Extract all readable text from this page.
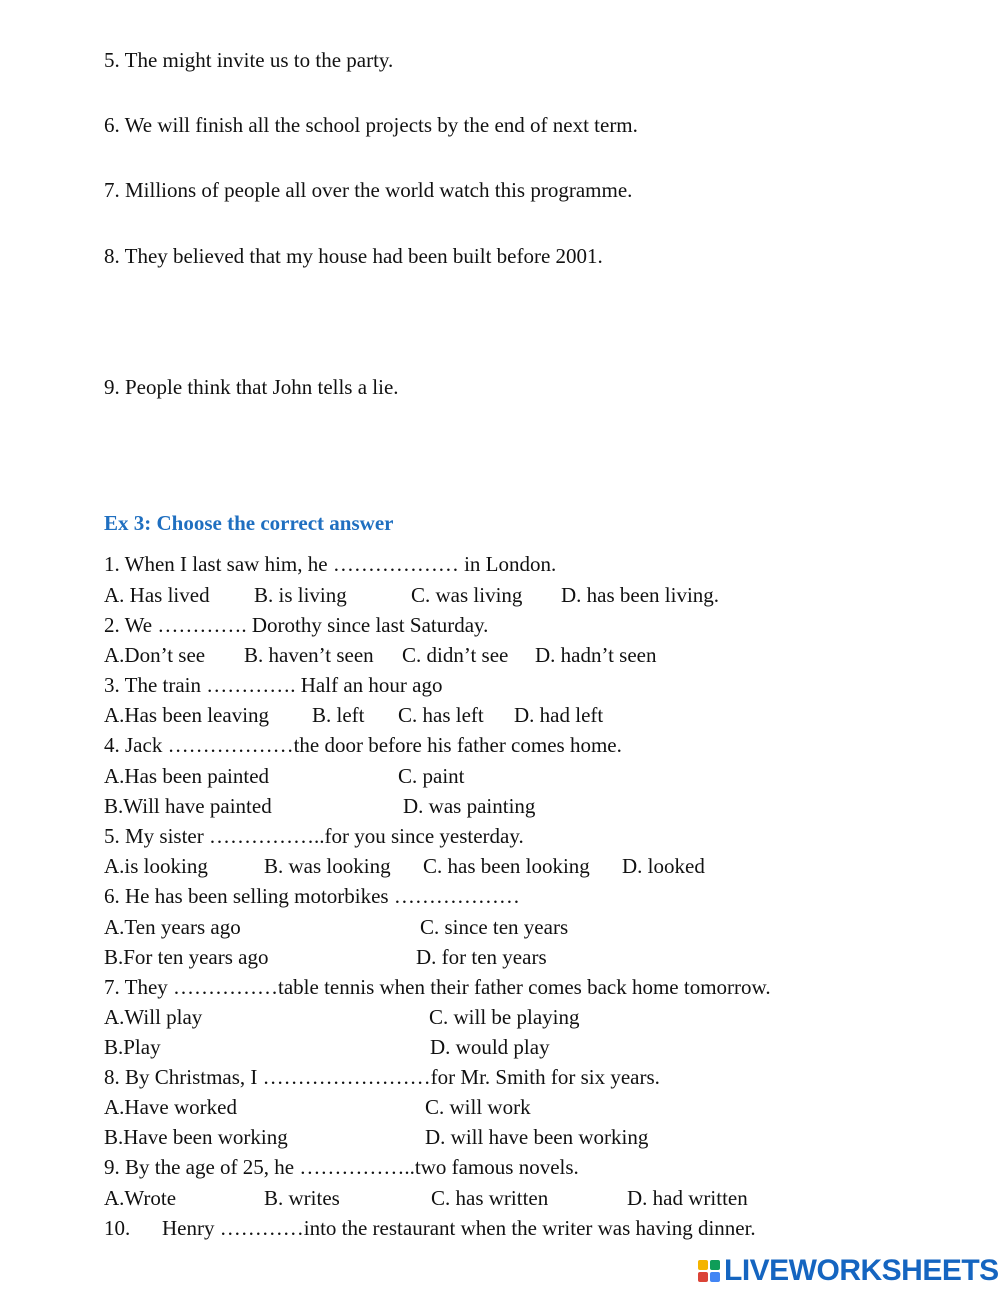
5. The might invite us to the party.
6. We will finish all the school projects by the end of next term.
7. Millions of people all over the world watch this programme.
8. They believed that my house had been built before 2001.
9. People think that John tells a lie.
Ex 3: Choose the correct answer
1. When I last saw him, he ……………… in London.
A. Has lived B. is living	C. was living D. has been living.
2. We …………. Dorothy since last Saturday.
A.Don’t see B. haven’t seen C. didn’t see D. hadn’t seen
3. The train …………. Half an hour ago
A.Has been leaving B. left C. has left D. had left
4. Jack ………………the door before his father comes home.
A.Has been painted	C. paint
B.Will have painted	D. was painting
5. My sister ……………..for you since yesterday.
A.is looking	B. was looking C. has been looking D. looked
6. He has been selling motorbikes ………………
A.Ten years ago	C. since ten years
B.For ten years ago	D. for ten years
7. They ……………table tennis when their father comes back home tomorrow.
A.Will play	C. will be playing
B.Play	D. would play
8. By Christmas, I ……………………for Mr. Smith for six years.
A.Have worked	C. will work
B.Have been working	D. will have been working
9. By the age of 25, he ……………..two famous novels.
A.Wrote	B. writes	C. has written	D. had written
10. Henry …………into the restaurant when the writer was having dinner.
LIVEWORKSHEETS
